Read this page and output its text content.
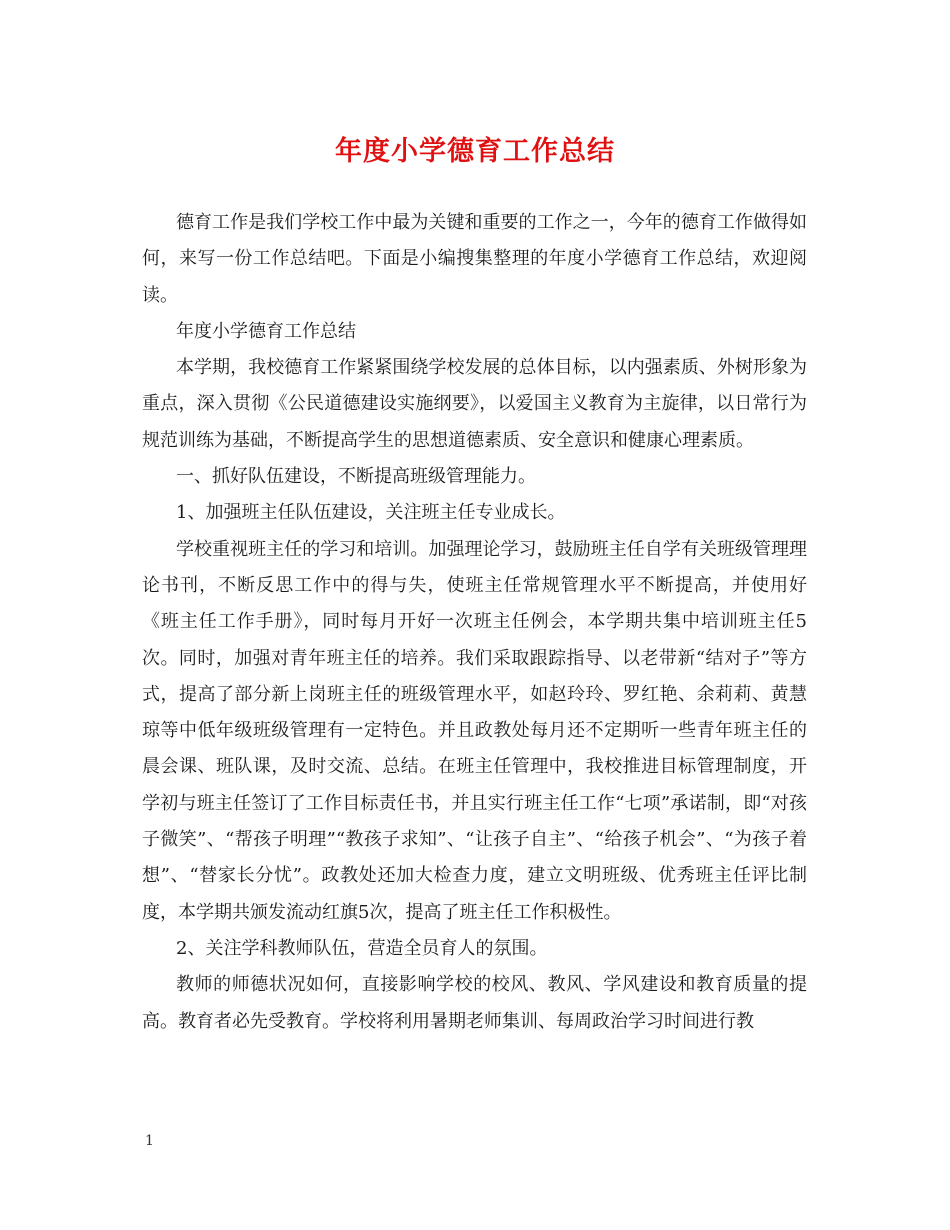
年度小学德育工作总结

德育工作是我们学校工作中最为关键和重要的工作之一，今年的德育工作做得如何，来写一份工作总结吧。下面是小编搜集整理的年度小学德育工作总结，欢迎阅读。

年度小学德育工作总结

本学期，我校德育工作紧紧围绕学校发展的总体目标，以内强素质、外树形象为重点，深入贯彻《公民道德建设实施纲要》，以爱国主义教育为主旋律，以日常行为规范训练为基础，不断提高学生的思想道德素质、安全意识和健康心理素质。

一、抓好队伍建设，不断提高班级管理能力。

1、加强班主任队伍建设，关注班主任专业成长。

学校重视班主任的学习和培训。加强理论学习，鼓励班主任自学有关班级管理理论书刊，不断反思工作中的得与失，使班主任常规管理水平不断提高，并使用好《班主任工作手册》，同时每月开好一次班主任例会，本学期共集中培训班主任5次。同时，加强对青年班主任的培养。我们采取跟踪指导、以老带新“结对子”等方式，提高了部分新上岗班主任的班级管理水平，如赵玲玲、罗红艳、余莉莉、黄慧琼等中低年级班级管理有一定特色。并且政教处每月还不定期听一些青年班主任的晨会课、班队课，及时交流、总结。在班主任管理中，我校推进目标管理制度，开学初与班主任签订了工作目标责任书，并且实行班主任工作“七项”承诺制，即“对孩子微笑”、“帮孩子明理”“教孩子求知”、“让孩子自主”、“给孩子机会”、“为孩子着想”、“替家长分忧”。政教处还加大检查力度，建立文明班级、优秀班主任评比制度，本学期共颁发流动红旗5次，提高了班主任工作积极性。

2、关注学科教师队伍，营造全员育人的氛围。

教师的师德状况如何，直接影响学校的校风、教风、学风建设和教育质量的提高。教育者必先受教育。学校将利用暑期老师集训、每周政治学习时间进行教

1
